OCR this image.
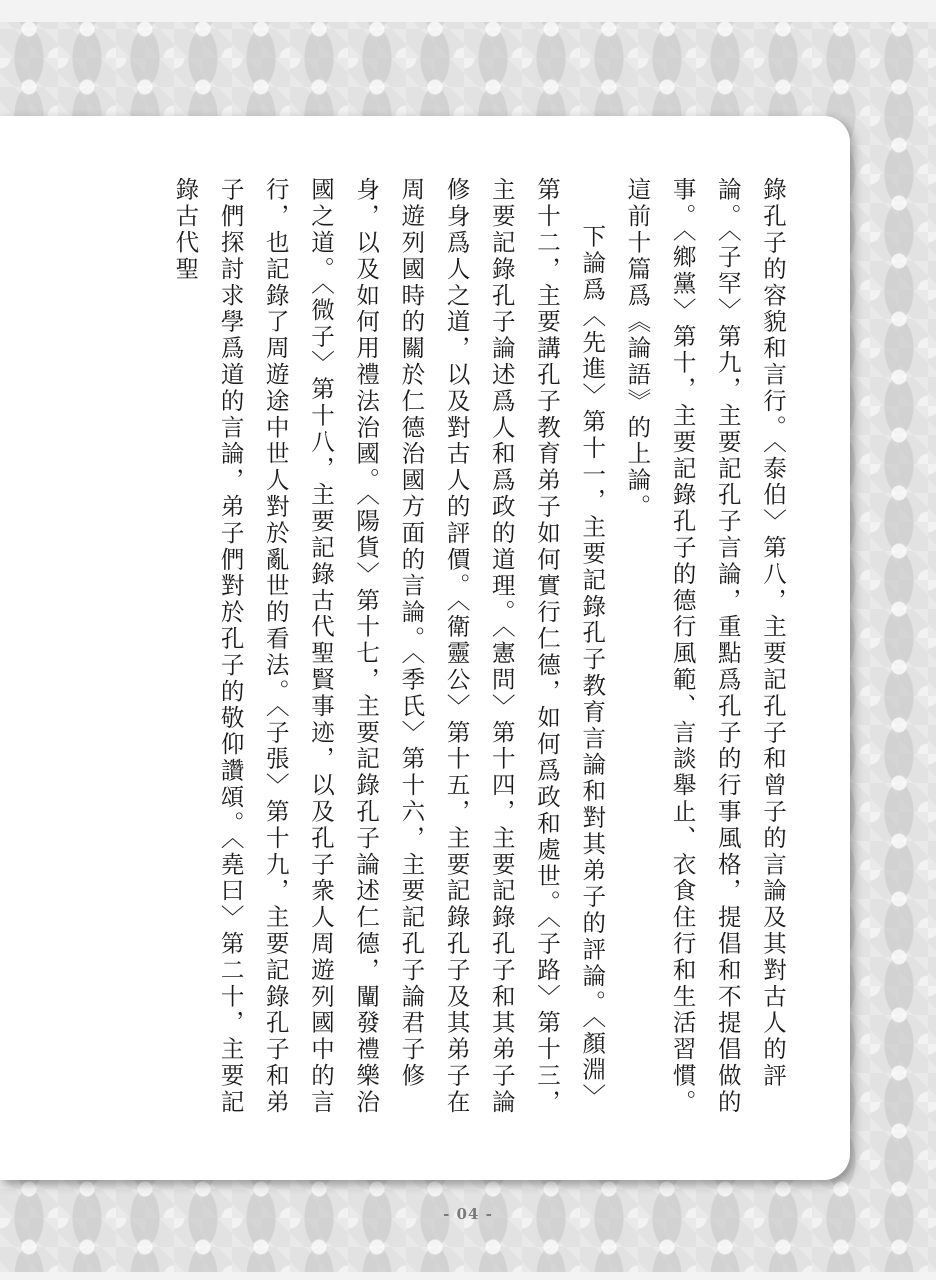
錄孔子的容貌和言行。〈泰伯〉第八，主要記孔子和曾子的言論及其對古人的評論。〈子罕〉第九，主要記孔子言論，重點爲孔子的行事風格，提倡和不提倡做的事。〈鄉黨〉第十，主要記錄孔子的德行風範、言談舉止、衣食住行和生活習慣。這前十篇爲《論語》的上論。

下論爲〈先進〉第十一，主要記錄孔子教育言論和對其弟子的評論。〈顏淵〉第十二，主要講孔子教育弟子如何實行仁德，如何爲政和處世。〈子路〉第十三，主要記錄孔子論述爲人和爲政的道理。〈憲問〉第十四，主要記錄孔子和其弟子論修身爲人之道，以及對古人的評價。〈衛靈公〉第十五，主要記錄孔子及其弟子在周遊列國時的關於仁德治國方面的言論。〈季氏〉第十六，主要記孔子論君子修身，以及如何用禮法治國。〈陽貨〉第十七，主要記錄孔子論述仁德，闡發禮樂治國之道。〈微子〉第十八，主要記錄古代聖賢事迹，以及孔子衆人周遊列國中的言行，也記錄了周遊途中世人對於亂世的看法。〈子張〉第十九，主要記錄孔子和弟子們探討求學爲道的言論，弟子們對於孔子的敬仰讚頌。〈堯曰〉第二十，主要記錄古代聖

- 04 -
